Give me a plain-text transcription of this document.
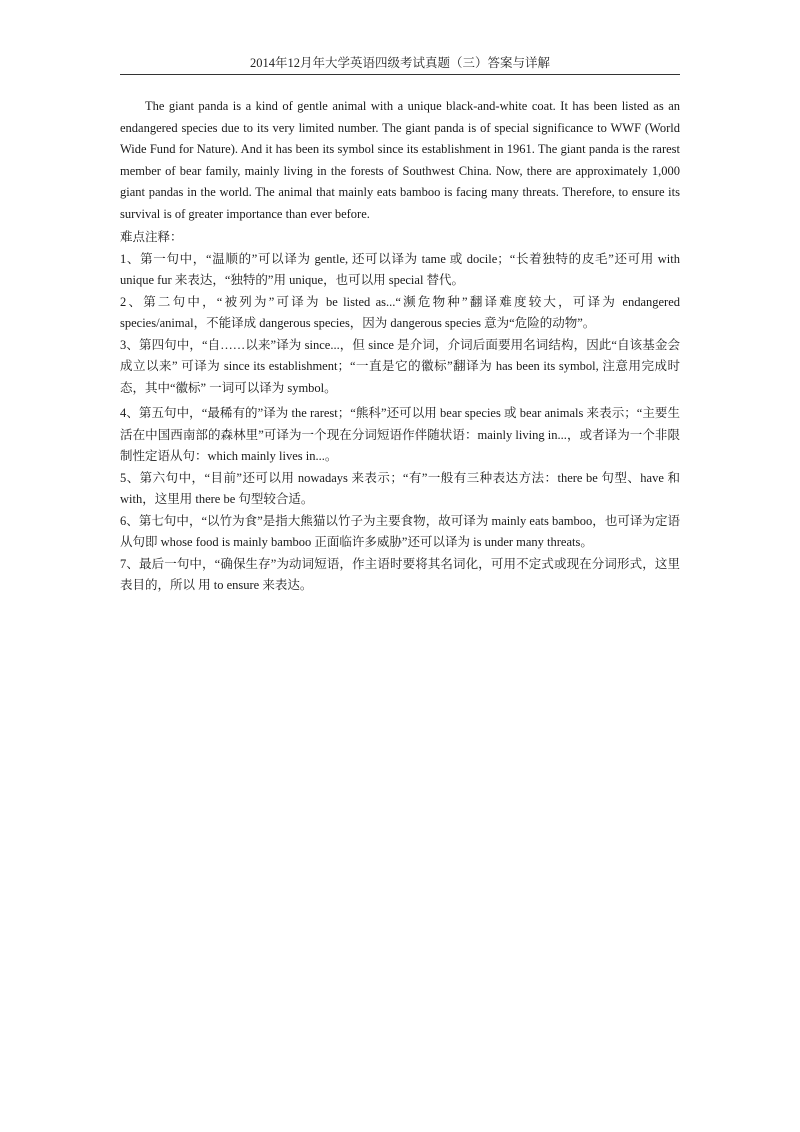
2014年12月年大学英语四级考试真题（三）答案与详解

The giant panda is a kind of gentle animal with a unique black-and-white coat. It has been listed as an endangered species due to its very limited number. The giant panda is of special significance to WWF (World Wide Fund for Nature). And it has been its symbol since its establishment in 1961. The giant panda is the rarest member of bear family, mainly living in the forests of Southwest China. Now, there are approximately 1,000 giant pandas in the world. The animal that mainly eats bamboo is facing many threats. Therefore, to ensure its survival is of greater importance than ever before.

难点注释：

1、第一句中，“温顺的”可以译为 gentle, 还可以译为 tame 或 docile；“长着独特的皮毛”还可用 with unique fur 来表达，“独特的”用 unique，也可以用 special 替代。

2、第二句中，“被列为”可译为 be listed as...“濒危物种”翻译难度较大，可译为 endangered species/animal，不能译成 dangerous species，因为 dangerous species 意为“危险的动物”。

3、第四句中，“自……以来”译为 since...，但 since 是介词，介词后面要用名词结构，因此“自该基金会成立以来” 可译为 since its establishment；“一直是它的徽标”翻译为 has been its symbol, 注意用完成时态，其中“徽标” 一词可以译为 symbol。

4、第五句中，“最稀有的”译为 the rarest；“熊科”还可以用 bear species 或 bear animals 来表示；“主要生活在中国西南部的森林里”可译为一个现在分词短语作伴随状语：mainly living in...，或者译为一个非限制性定语从句：which mainly lives in...。

5、第六句中，“目前”还可以用 nowadays 来表示；“有”一般有三种表达方法：there be 句型、have 和 with，这里用 there be 句型较合适。

6、第七句中，“以竹为食”是指大熊猫以竹子为主要食物，故可译为 mainly eats bamboo，也可译为定语从句即 whose food is mainly bamboo 正面临许多威胁”还可以译为 is under many threats。

7、最后一句中，“确保生存”为动词短语，作主语时要将其名词化，可用不定式或现在分词形式，这里表目的，所以 用 to ensure 来表达。
